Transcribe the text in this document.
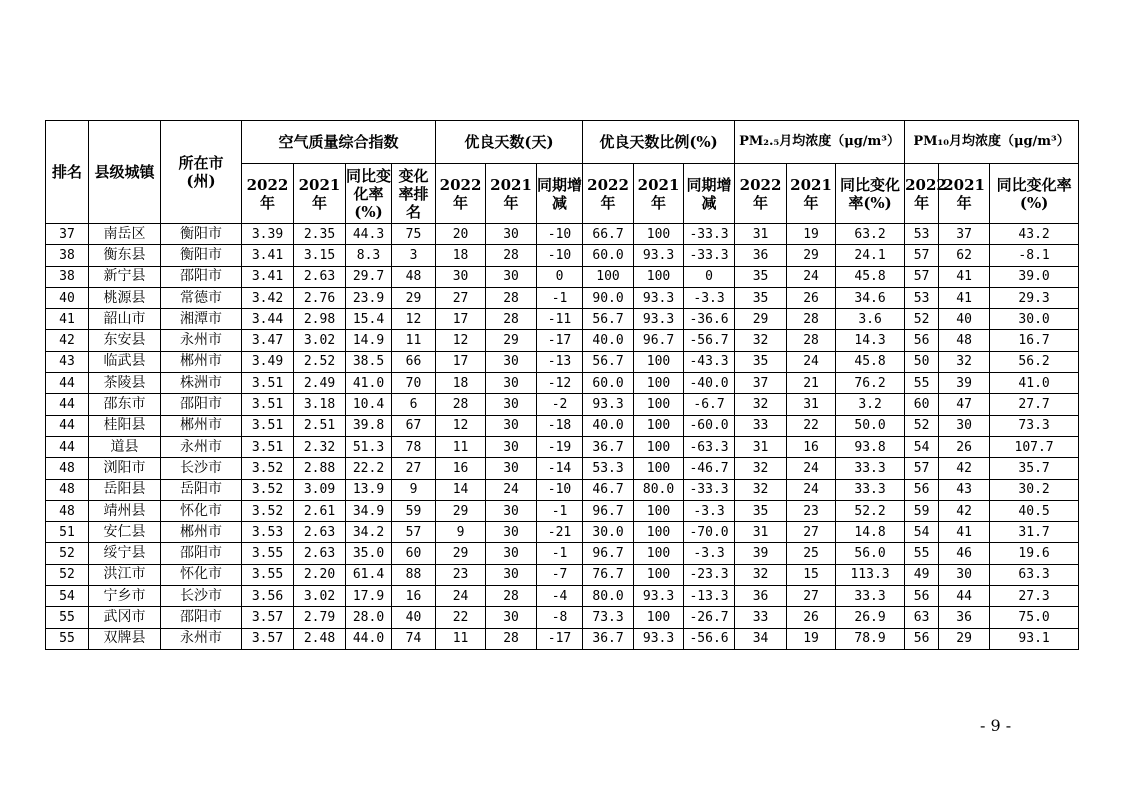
排名	县级城镇	所在市(州)	空气质量综合指数				优良天数(天)			优良天数比例(%)			PM₂.₅月均浓度（μg/m³）			PM₁₀月均浓度（μg/m³）		
			2022年	2021年	同比变化率(%)	变化率排名	2022年	2021年	同期增减	2022年	2021年	同期增减	2022年	2021年	同比变化率(%)	2022年	2021年	同比变化率(%)
37	南岳区	衡阳市	3.39	2.35	44.3	75	20	30	-10	66.7	100	-33.3	31	19	63.2	53	37	43.2
38	衡东县	衡阳市	3.41	3.15	8.3	3	18	28	-10	60.0	93.3	-33.3	36	29	24.1	57	62	-8.1
38	新宁县	邵阳市	3.41	2.63	29.7	48	30	30	0	100	100	0	35	24	45.8	57	41	39.0
40	桃源县	常德市	3.42	2.76	23.9	29	27	28	-1	90.0	93.3	-3.3	35	26	34.6	53	41	29.3
41	韶山市	湘潭市	3.44	2.98	15.4	12	17	28	-11	56.7	93.3	-36.6	29	28	3.6	52	40	30.0
42	东安县	永州市	3.47	3.02	14.9	11	12	29	-17	40.0	96.7	-56.7	32	28	14.3	56	48	16.7
43	临武县	郴州市	3.49	2.52	38.5	66	17	30	-13	56.7	100	-43.3	35	24	45.8	50	32	56.2
44	茶陵县	株洲市	3.51	2.49	41.0	70	18	30	-12	60.0	100	-40.0	37	21	76.2	55	39	41.0
44	邵东市	邵阳市	3.51	3.18	10.4	6	28	30	-2	93.3	100	-6.7	32	31	3.2	60	47	27.7
44	桂阳县	郴州市	3.51	2.51	39.8	67	12	30	-18	40.0	100	-60.0	33	22	50.0	52	30	73.3
44	道县	永州市	3.51	2.32	51.3	78	11	30	-19	36.7	100	-63.3	31	16	93.8	54	26	107.7
48	浏阳市	长沙市	3.52	2.88	22.2	27	16	30	-14	53.3	100	-46.7	32	24	33.3	57	42	35.7
48	岳阳县	岳阳市	3.52	3.09	13.9	9	14	24	-10	46.7	80.0	-33.3	32	24	33.3	56	43	30.2
48	靖州县	怀化市	3.52	2.61	34.9	59	29	30	-1	96.7	100	-3.3	35	23	52.2	59	42	40.5
51	安仁县	郴州市	3.53	2.63	34.2	57	9	30	-21	30.0	100	-70.0	31	27	14.8	54	41	31.7
52	绥宁县	邵阳市	3.55	2.63	35.0	60	29	30	-1	96.7	100	-3.3	39	25	56.0	55	46	19.6
52	洪江市	怀化市	3.55	2.20	61.4	88	23	30	-7	76.7	100	-23.3	32	15	113.3	49	30	63.3
54	宁乡市	长沙市	3.56	3.02	17.9	16	24	28	-4	80.0	93.3	-13.3	36	27	33.3	56	44	27.3
55	武冈市	邵阳市	3.57	2.79	28.0	40	22	30	-8	73.3	100	-26.7	33	26	26.9	63	36	75.0
55	双牌县	永州市	3.57	2.48	44.0	74	11	28	-17	36.7	93.3	-56.6	34	19	78.9	56	29	93.1
- 9 -
